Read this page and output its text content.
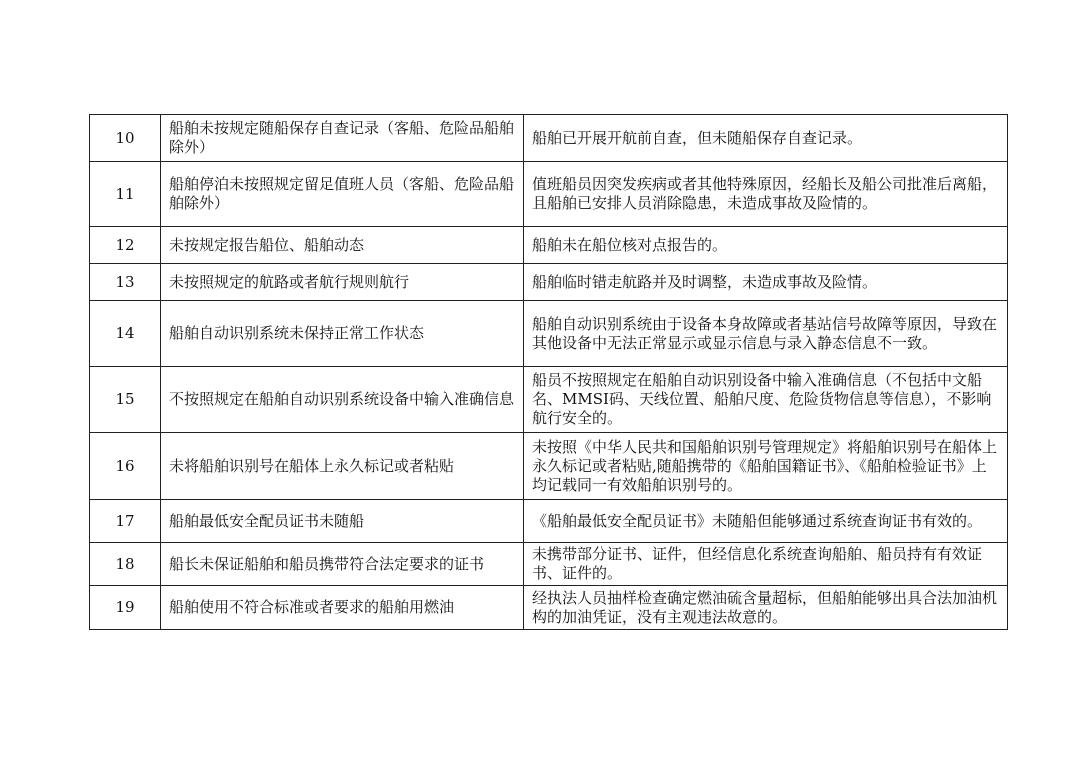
10	船舶未按规定随船保存自查记录（客船、危险品船舶除外）	船舶已开展开航前自查，但未随船保存自查记录。
11	船舶停泊未按照规定留足值班人员（客船、危险品船舶除外）	值班船员因突发疾病或者其他特殊原因，经船长及船公司批准后离船，且船舶已安排人员消除隐患，未造成事故及险情的。
12	未按规定报告船位、船舶动态	船舶未在船位核对点报告的。
13	未按照规定的航路或者航行规则航行	船舶临时错走航路并及时调整，未造成事故及险情。
14	船舶自动识别系统未保持正常工作状态	船舶自动识别系统由于设备本身故障或者基站信号故障等原因，导致在其他设备中无法正常显示或显示信息与录入静态信息不一致。
15	不按照规定在船舶自动识别系统设备中输入准确信息	船员不按照规定在船舶自动识别设备中输入准确信息（不包括中文船名、MMSI码、天线位置、船舶尺度、危险货物信息等信息），不影响航行安全的。
16	未将船舶识别号在船体上永久标记或者粘贴	未按照《中华人民共和国船舶识别号管理规定》将船舶识别号在船体上永久标记或者粘贴,随船携带的《船舶国籍证书》、《船舶检验证书》上均记载同一有效船舶识别号的。
17	船舶最低安全配员证书未随船	《船舶最低安全配员证书》未随船但能够通过系统查询证书有效的。
18	船长未保证船舶和船员携带符合法定要求的证书	未携带部分证书、证件，但经信息化系统查询船舶、船员持有有效证书、证件的。
19	船舶使用不符合标准或者要求的船舶用燃油	经执法人员抽样检查确定燃油硫含量超标，但船舶能够出具合法加油机构的加油凭证，没有主观违法故意的。
